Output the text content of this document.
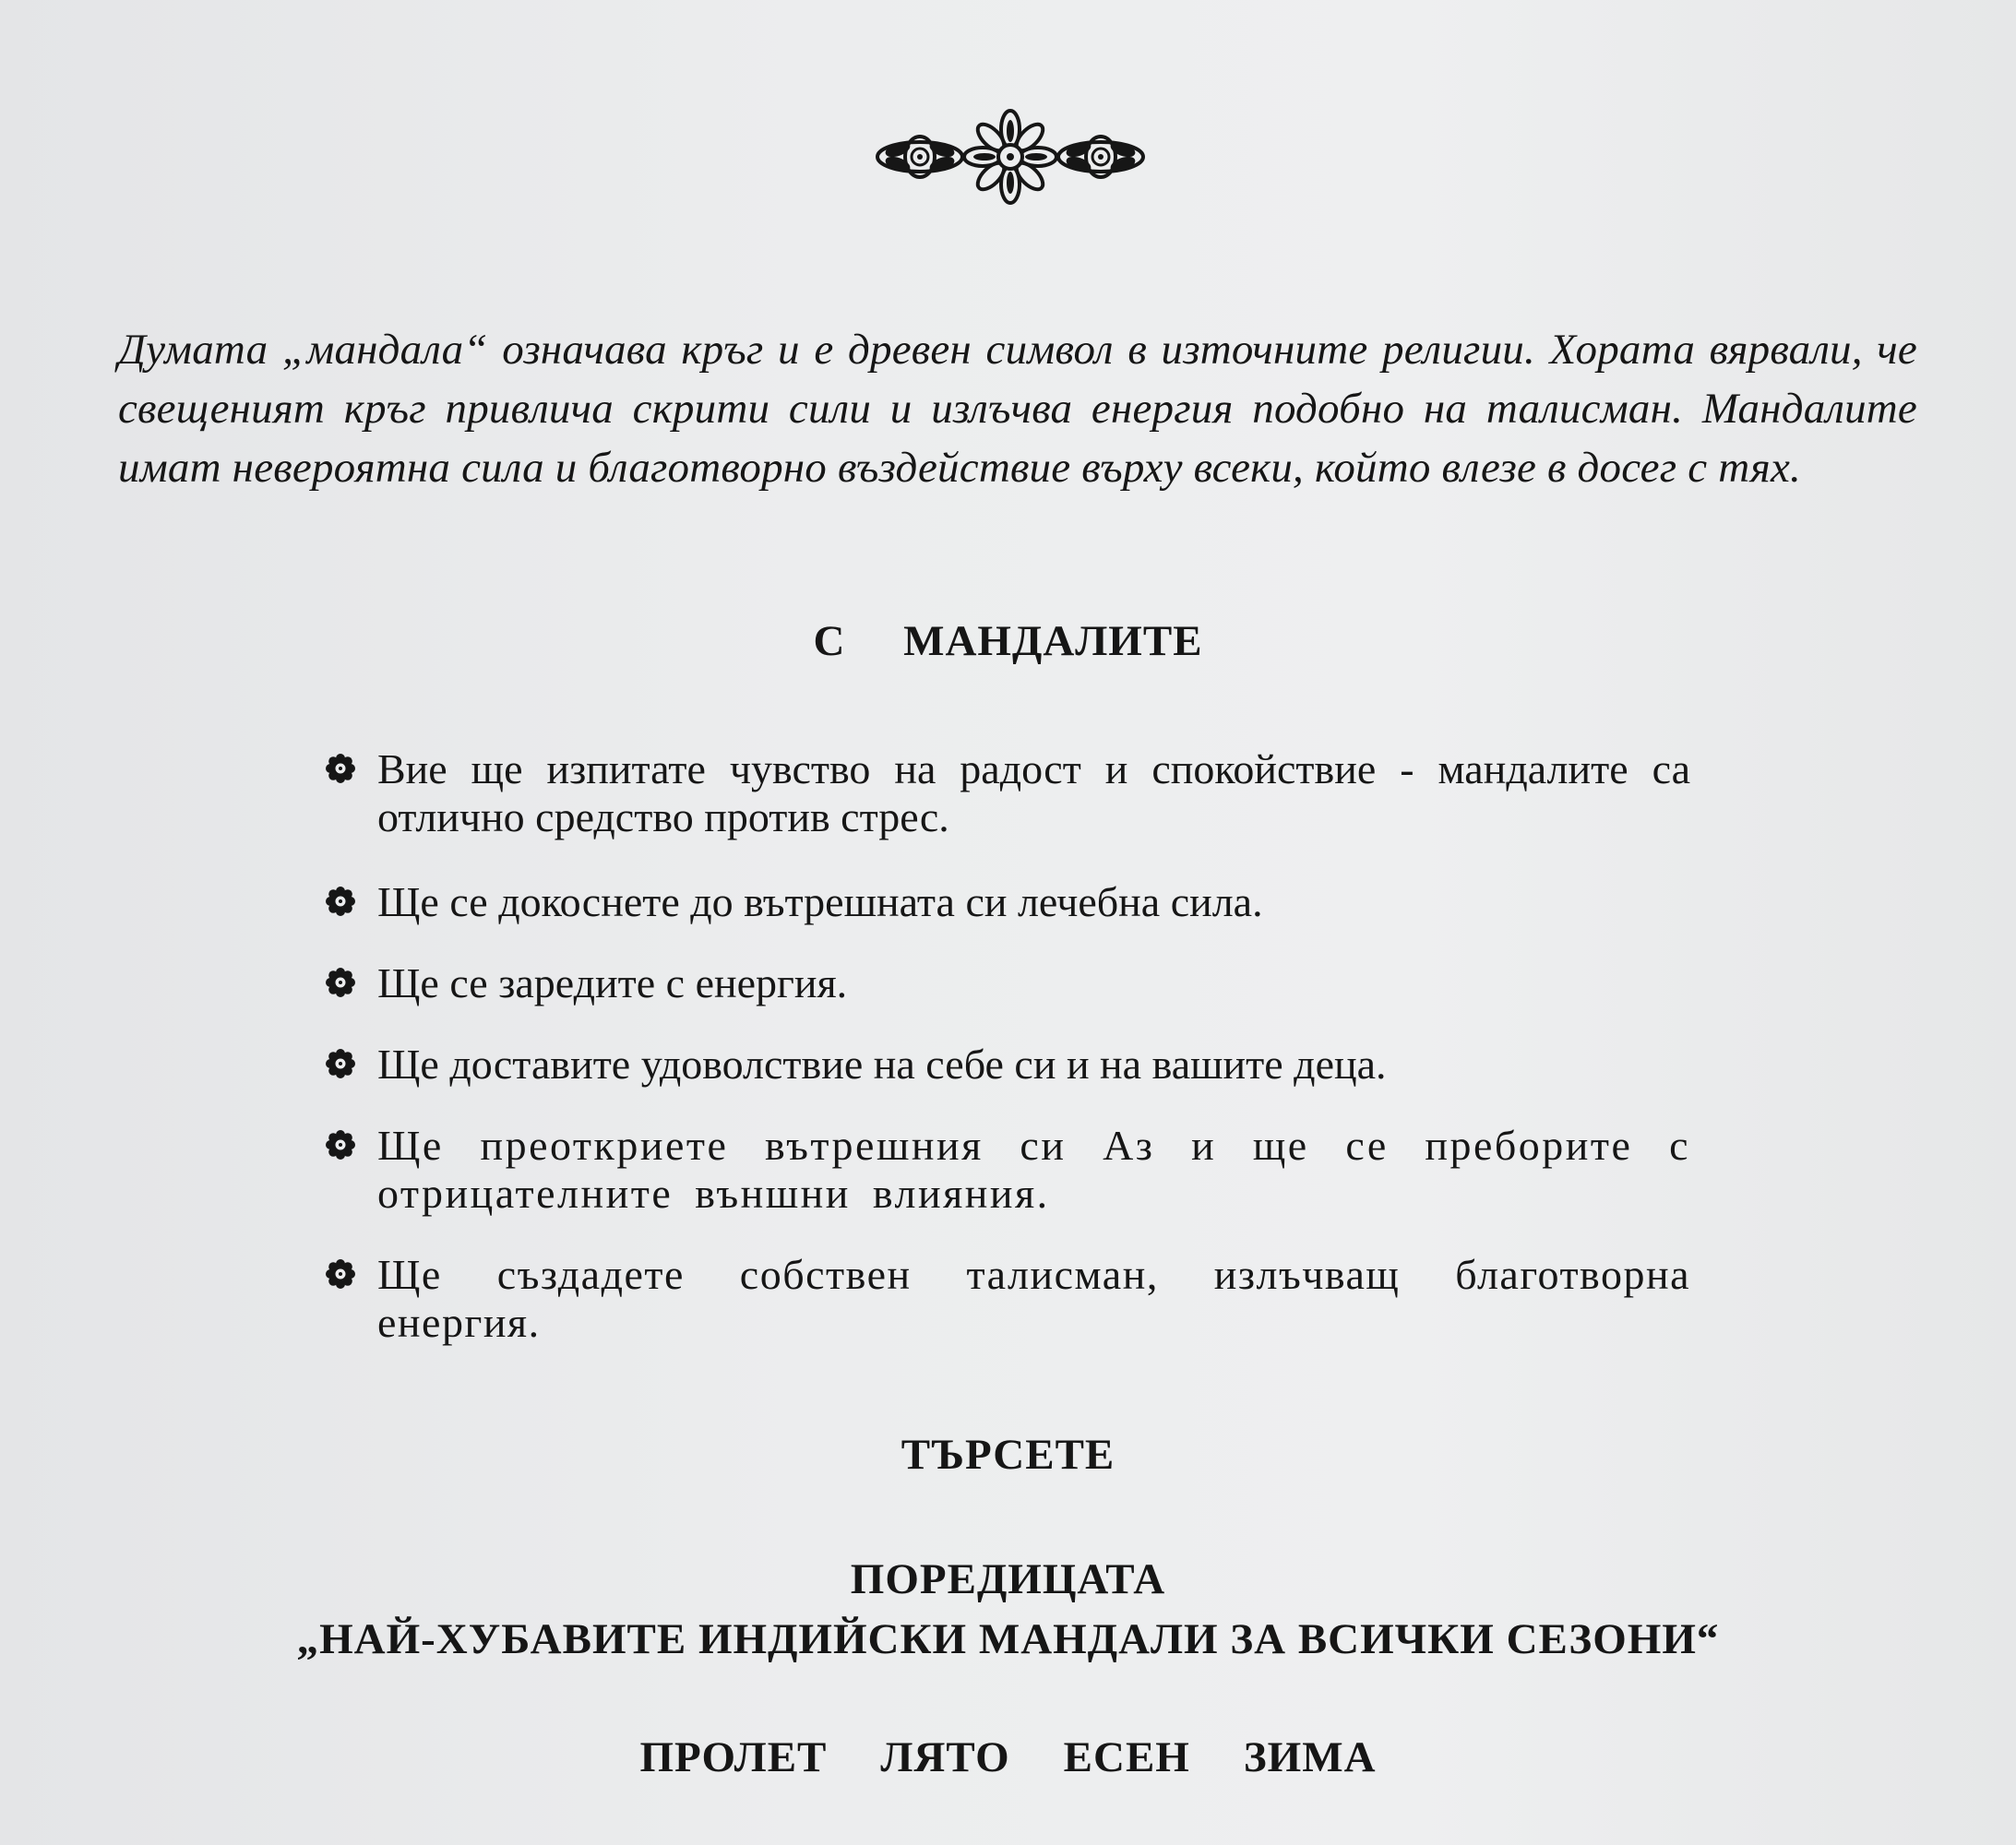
Думата „мандала“ означава кръг и е древен символ в източните религии. Хората вярвали, че свещеният кръг привлича скрити сили и излъчва енергия подобно на талисман. Мандалите имат невероятна сила и благотворно въздействие върху всеки, който влезе в досег с тях.

С МАНДАЛИТЕ
Вие ще изпитате чувство на радост и спокойствие - мандалите са отлично средство против стрес.
Ще се докоснете до вътрешната си лечебна сила.
Ще се заредите с енергия.
Ще доставите удоволствие на себе си и на вашите деца.
Ще преоткриете вътрешния си Аз и ще се преборите с отрицателните външни влияния.
Ще създадете собствен талисман, излъчващ благотворна енергия.
ТЪРСЕТЕ
ПОРЕДИЦАТА
„НАЙ-ХУБАВИТЕ ИНДИЙСКИ МАНДАЛИ ЗА ВСИЧКИ СЕЗОНИ“
ПРОЛЕТ ЛЯТО ЕСЕН ЗИМА
